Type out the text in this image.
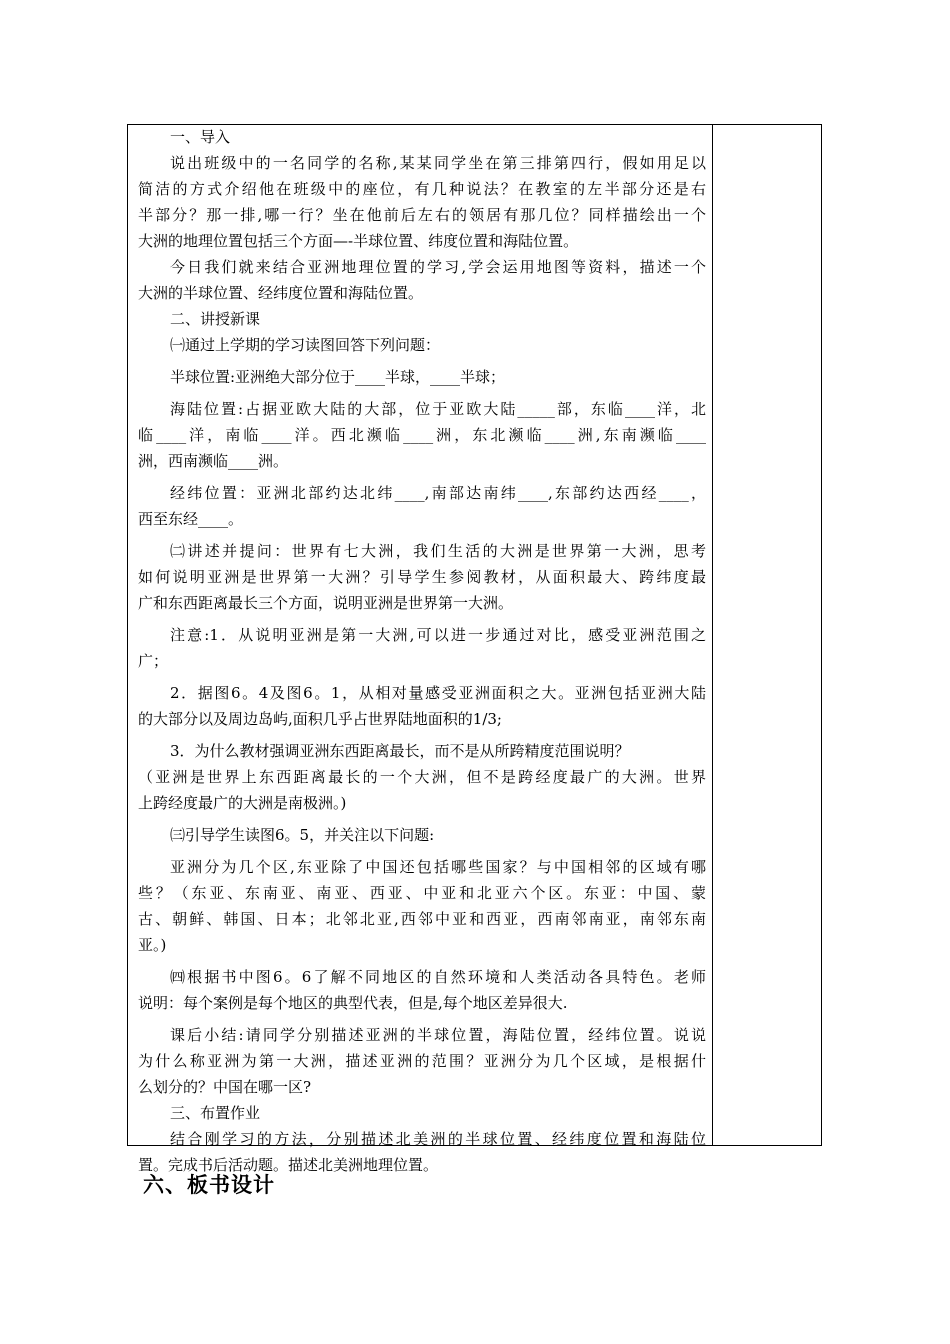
一、导入
说出班级中的一名同学的名称,某某同学坐在第三排第四行，假如用足以
简洁的方式介绍他在班级中的座位，有几种说法？在教室的左半部分还是右
半部分？那一排,哪一行？坐在他前后左右的领居有那几位？同样描绘出一个
大洲的地理位置包括三个方面—-半球位置、纬度位置和海陆位置。
今日我们就来结合亚洲地理位置的学习,学会运用地图等资料，描述一个
大洲的半球位置、经纬度位置和海陆位置。
二、讲授新课
㈠通过上学期的学习读图回答下列问题：
半球位置:亚洲绝大部分位于____半球，____半球；
海陆位置:占据亚欧大陆的大部，位于亚欧大陆_____部，东临____洋，北
临____洋，南临____洋。西北濒临____洲，东北濒临____洲,东南濒临____
洲，西南濒临____洲。
经纬位置：亚洲北部约达北纬____,南部达南纬____,东部约达西经____，
西至东经____。
㈡讲述并提问：世界有七大洲，我们生活的大洲是世界第一大洲，思考
如何说明亚洲是世界第一大洲？引导学生参阅教材，从面积最大、跨纬度最
广和东西距离最长三个方面，说明亚洲是世界第一大洲。
注意:1．从说明亚洲是第一大洲,可以进一步通过对比，感受亚洲范围之
广；
2．据图6。4及图6。1，从相对量感受亚洲面积之大。亚洲包括亚洲大陆
的大部分以及周边岛屿,面积几乎占世界陆地面积的1/3;
3．为什么教材强调亚洲东西距离最长，而不是从所跨精度范围说明？
（亚洲是世界上东西距离最长的一个大洲，但不是跨经度最广的大洲。世界
上跨经度最广的大洲是南极洲。)
㈢引导学生读图6。5，并关注以下问题:
亚洲分为几个区,东亚除了中国还包括哪些国家？与中国相邻的区域有哪
些？（东亚、东南亚、南亚、西亚、中亚和北亚六个区。东亚：中国、蒙
古、朝鲜、韩国、日本；北邻北亚,西邻中亚和西亚，西南邻南亚，南邻东南
亚。)
㈣根据书中图6。6了解不同地区的自然环境和人类活动各具特色。老师
说明：每个案例是每个地区的典型代表，但是,每个地区差异很大.
课后小结:请同学分别描述亚洲的半球位置，海陆位置，经纬位置。说说
为什么称亚洲为第一大洲，描述亚洲的范围？亚洲分为几个区域，是根据什
么划分的？中国在哪一区?
三、布置作业
结合刚学习的方法，分别描述北美洲的半球位置、经纬度位置和海陆位
置。完成书后活动题。描述北美洲地理位置。
六、板书设计
